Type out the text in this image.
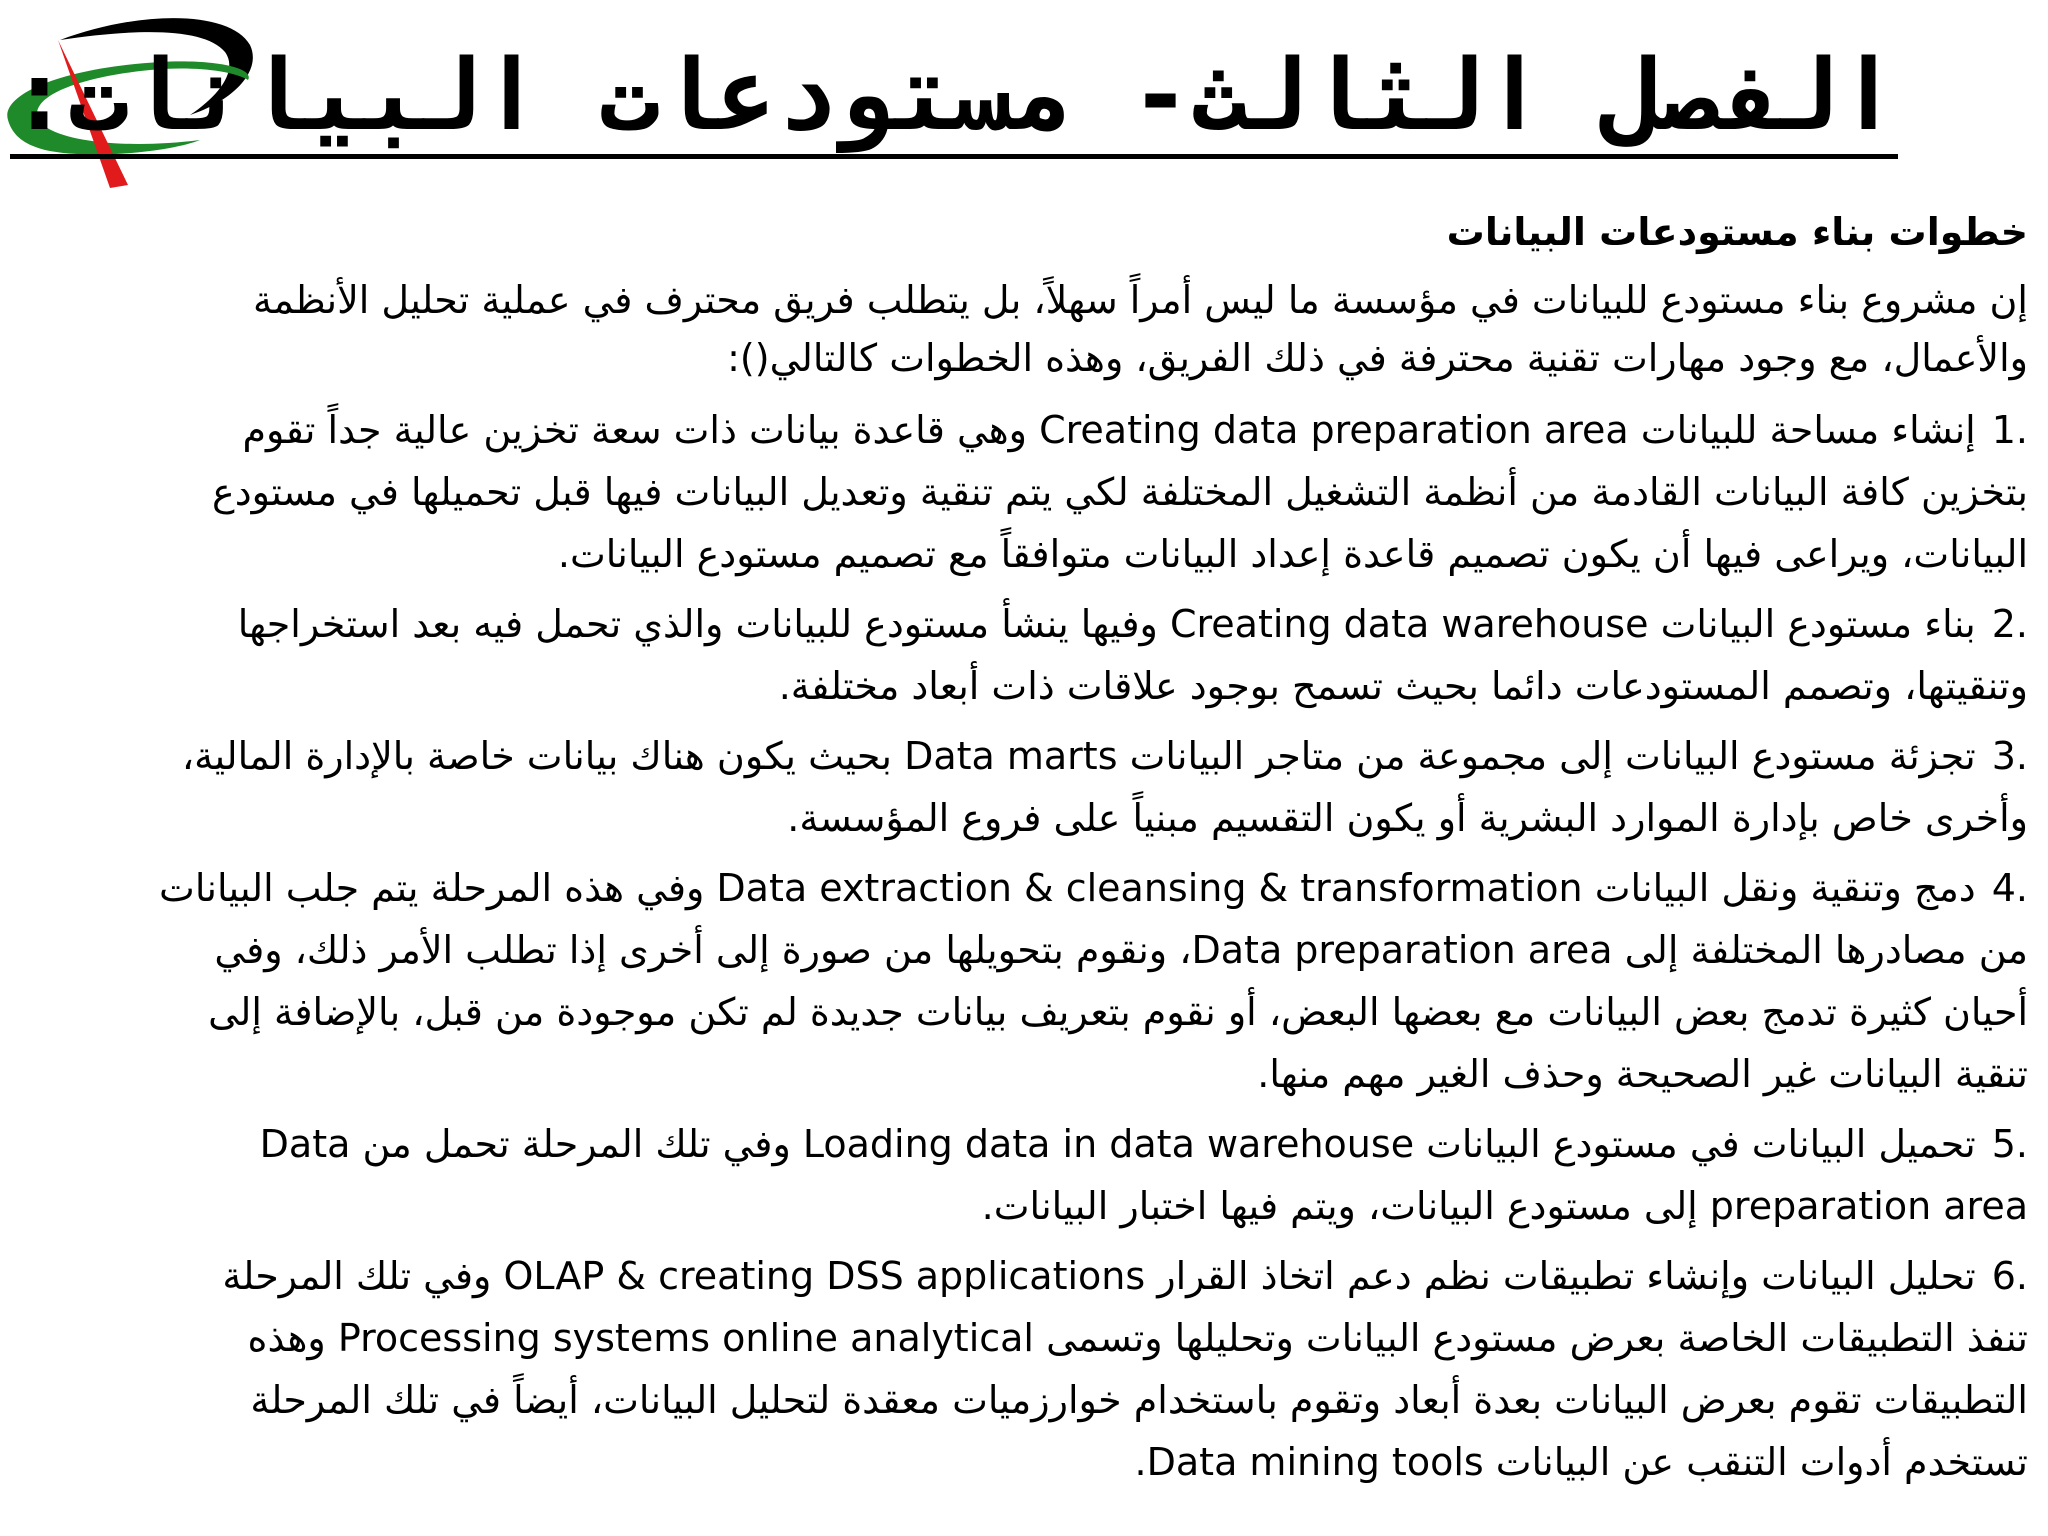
الفصل الثالث- مستودعات البيانات:
خطوات بناء مستودعات البيانات
إن مشروع بناء مستودع للبيانات في مؤسسة ما ليس أمراً سهلاً، بل يتطلب فريق محترف في عملية تحليل الأنظمة والأعمال، مع وجود مهارات تقنية محترفة في ذلك الفريق، وهذه الخطوات كالتالي():
1.إنشاء مساحة للبيانات Creating data preparation area وهي قاعدة بيانات ذات سعة تخزين عالية جداً تقوم بتخزين كافة البيانات القادمة من أنظمة التشغيل المختلفة لكي يتم تنقية وتعديل البيانات فيها قبل تحميلها في مستودع البيانات، ويراعى فيها أن يكون تصميم قاعدة إعداد البيانات متوافقاً مع تصميم مستودع البيانات.
2.بناء مستودع البيانات Creating data warehouse وفيها ينشأ مستودع للبيانات والذي تحمل فيه بعد استخراجها وتنقيتها، وتصمم المستودعات دائما بحيث تسمح بوجود علاقات ذات أبعاد مختلفة.
3.تجزئة مستودع البيانات إلى مجموعة من متاجر البيانات Data marts بحيث يكون هناك بيانات خاصة بالإدارة المالية، وأخرى خاص بإدارة الموارد البشرية أو يكون التقسيم مبنياً على فروع المؤسسة.
4.دمج وتنقية ونقل البيانات Data extraction & cleansing & transformation وفي هذه المرحلة يتم جلب البيانات من مصادرها المختلفة إلى Data preparation area، ونقوم بتحويلها من صورة إلى أخرى إذا تطلب الأمر ذلك، وفي أحيان كثيرة تدمج بعض البيانات مع بعضها البعض، أو نقوم بتعريف بيانات جديدة لم تكن موجودة من قبل، بالإضافة إلى تنقية البيانات غير الصحيحة وحذف الغير مهم منها.
5.تحميل البيانات في مستودع البيانات Loading data in data warehouse وفي تلك المرحلة تحمل من Data preparation area إلى مستودع البيانات، ويتم فيها اختبار البيانات.
6.تحليل البيانات وإنشاء تطبيقات نظم دعم اتخاذ القرار OLAP & creating DSS applications وفي تلك المرحلة تنفذ التطبيقات الخاصة بعرض مستودع البيانات وتحليلها وتسمى Processing systems online analytical وهذه التطبيقات تقوم بعرض البيانات بعدة أبعاد وتقوم باستخدام خوارزميات معقدة لتحليل البيانات، أيضاً في تلك المرحلة تستخدم أدوات التنقب عن البيانات Data mining tools.
